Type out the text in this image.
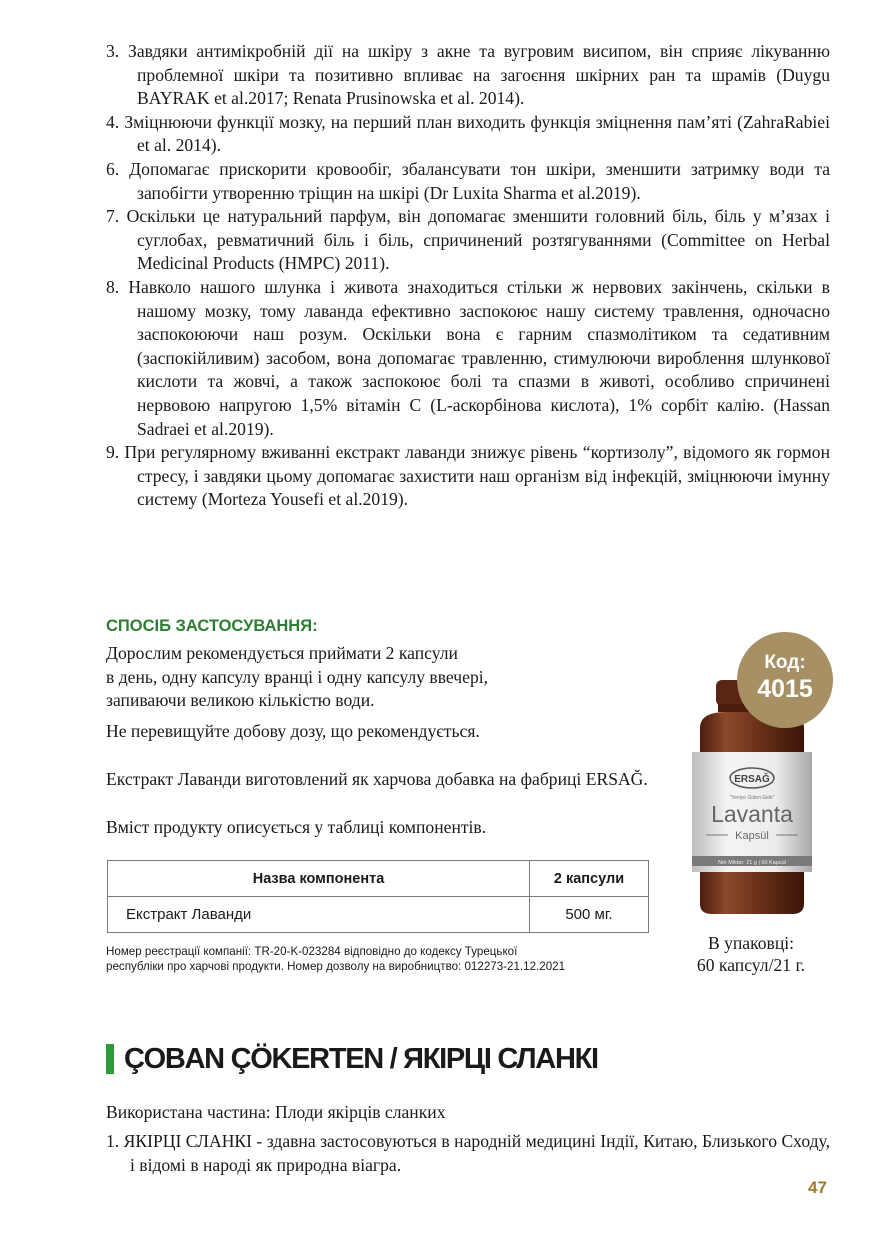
3. Завдяки антимікробній дії на шкіру з акне та вугровим висипом, він сприяє лікуванню проблемної шкіри та позитивно впливає на загоєння шкірних ран та шрамів (Duygu BAYRAK et al.2017; Renata Prusinowska et al. 2014).
4. Зміцнюючи функції мозку, на перший план виходить функція зміцнення пам’яті (ZahraRabiei et al. 2014).
6. Допомагає прискорити кровообіг, збалансувати тон шкіри, зменшити затримку води та запобігти утворенню тріщин на шкірі (Dr Luxita Sharma et al.2019).
7. Оскільки це натуральний парфум, він допомагає зменшити головний біль, біль у м’язах і суглобах, ревматичний біль і біль, спричинений розтягуваннями (Committee on Herbal Medicinal Products (HMPC) 2011).
8. Навколо нашого шлунка і живота знаходиться стільки ж нервових закінчень, скільки в нашому мозку, тому лаванда ефективно заспокоює нашу систему травлення, одночасно заспокоюючи наш розум. Оскільки вона є гарним спазмолітиком та седативним (заспокійливим) засобом, вона допомагає травленню, стимулюючи вироблення шлункової кислоти та жовчі, а також заспокоює болі та спазми в животі, особливо спричинені нервовою напругою 1,5% вітамін С (L-аскорбінова кислота), 1% сорбіт калію. (Hassan Sadraei et al.2019).
9. При регулярному вживанні екстракт лаванди знижує рівень “кортизолу”, відомого як гормон стресу, і завдяки цьому допомагає захистити наш організм від інфекцій, зміцнюючи імунну систему (Morteza Yousefi et al.2019).
СПОСІБ ЗАСТОСУВАННЯ:

Дорослим рекомендується приймати 2 капсули
в день, одну капсулу вранці і одну капсулу ввечері,
запиваючи великою кількістю води.

Не перевищуйте добову дозу, що рекомендується.

Екстракт Лаванди виготовлений як харчова добавка на фабриці ERSAĞ.

Вміст продукту описується у таблиці компонентів.

Назва компонента	2 капсули
Екстракт Лаванди	500 мг.

Номер реєстрації компанії: TR-20-K-023284 відповідно до кодексу Турецької
республіки про харчові продукти. Номер дозволу на виробництво: 012273-21.12.2021

Код:
4015
ERSAĞ
"Yeniye Giden Gelir"
Lavanta
Kapsül
Net Miktar: 21 g | 60 Kapsül

В упаковці:
60 капсул/21 г.

ÇOBAN ÇÖKERTEN / ЯКІРЦІ СЛАНКІ

Використана частина: Плоди якірців сланких

1. ЯКІРЦІ СЛАНКІ - здавна застосовуються в народній медицині Індії, Китаю, Близького Сходу, і відомі в народі як природна віагра.
47
